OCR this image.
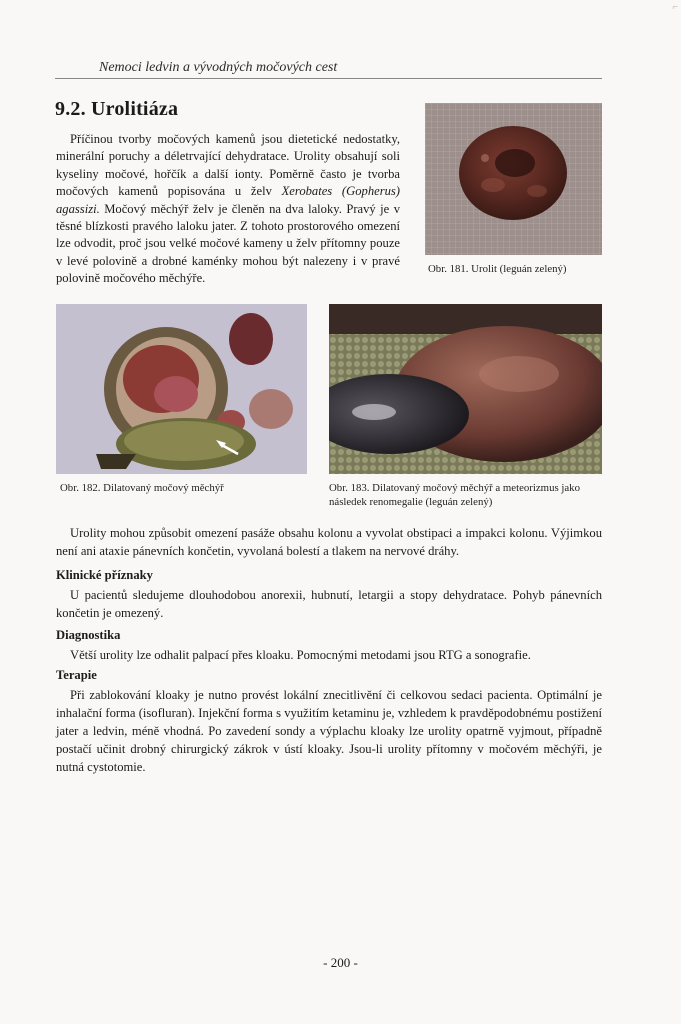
⌐
Nemoci ledvin a vývodných močových cest
9.2. Urolitiáza
Příčinou tvorby močových kamenů jsou dietetické nedostatky, minerální poruchy a déletrvající dehydratace. Urolity obsahují soli kyseliny močové, hořčík a další ionty. Poměrně často je tvorba močových kamenů popisována u želv Xerobates (Gopherus) agassizi. Močový měchýř želv je členěn na dva laloky. Pravý je v těsné blízkosti pravého laloku jater. Z tohoto prostorového omezení lze odvodit, proč jsou velké močové kameny u želv přítomny pouze v levé polovině a drobné kaménky mohou být nalezeny i v pravé polovině močového měchýře.
Obr. 181. Urolit (leguán zelený)
Obr. 182. Dilatovaný močový měchýř	Obr. 183. Dilatovaný močový měchýř a meteorizmus jako následek renomegalie (leguán zelený)
Urolity mohou způsobit omezení pasáže obsahu kolonu a vyvolat obstipaci a impakci kolonu. Výjimkou není ani ataxie pánevních končetin, vyvolaná bolestí a tlakem na nervové dráhy.
Klinické příznaky
U pacientů sledujeme dlouhodobou anorexii, hubnutí, letargii a stopy dehydratace. Pohyb pánevních končetin je omezený.
Diagnostika
Větší urolity lze odhalit palpací přes kloaku. Pomocnými metodami jsou RTG a sonografie.
Terapie
Při zablokování kloaky je nutno provést lokální znecitlivění či celkovou sedaci pacienta. Optimální je inhalační forma (isofluran). Injekční forma s využitím ketaminu je, vzhledem k pravděpodobnému postižení jater a ledvin, méně vhodná. Po zavedení sondy a výplachu kloaky lze urolity opatrně vyjmout, případně postačí učinit drobný chirurgický zákrok v ústí kloaky. Jsou-li urolity přítomny v močovém měchýři, je nutná cystotomie.
- 200 -
